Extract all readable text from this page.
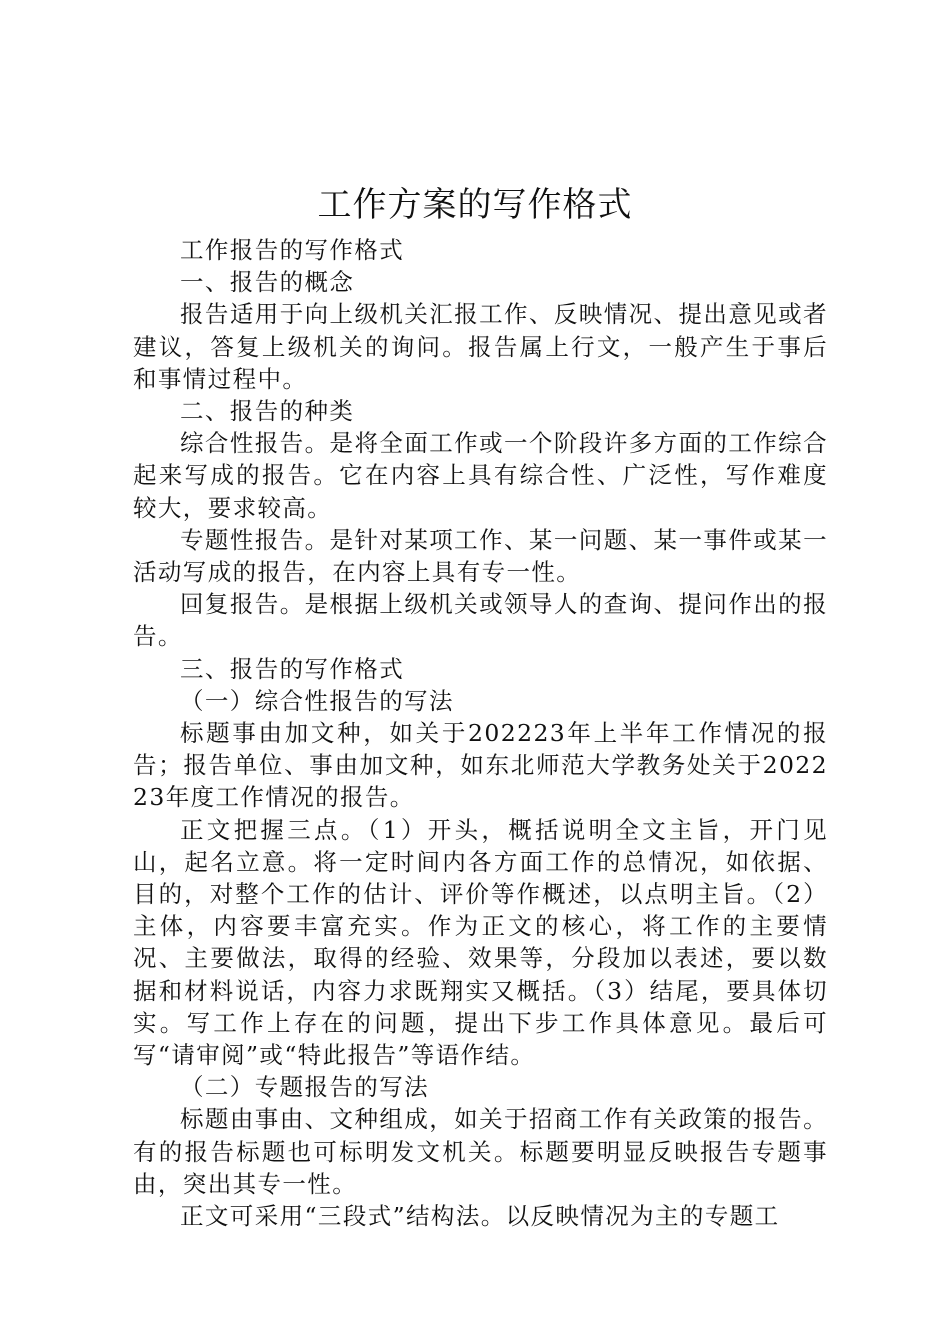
工作方案的写作格式

工作报告的写作格式

一、报告的概念

报告适用于向上级机关汇报工作、反映情况、提出意见或者建议，答复上级机关的询问。报告属上行文，一般产生于事后和事情过程中。

二、报告的种类

综合性报告。是将全面工作或一个阶段许多方面的工作综合起来写成的报告。它在内容上具有综合性、广泛性，写作难度较大，要求较高。

专题性报告。是针对某项工作、某一问题、某一事件或某一活动写成的报告，在内容上具有专一性。

回复报告。是根据上级机关或领导人的查询、提问作出的报告。

三、报告的写作格式

（一）综合性报告的写法

标题事由加文种，如关于202223年上半年工作情况的报告；报告单位、事由加文种，如东北师范大学教务处关于202223年度工作情况的报告。

正文把握三点。（1）开头，概括说明全文主旨，开门见山，起名立意。将一定时间内各方面工作的总情况，如依据、目的，对整个工作的估计、评价等作概述，以点明主旨。（2）主体，内容要丰富充实。作为正文的核心，将工作的主要情况、主要做法，取得的经验、效果等，分段加以表述，要以数据和材料说话，内容力求既翔实又概括。（3）结尾，要具体切实。写工作上存在的问题，提出下步工作具体意见。最后可写“请审阅”或“特此报告”等语作结。

（二）专题报告的写法

标题由事由、文种组成，如关于招商工作有关政策的报告。有的报告标题也可标明发文机关。标题要明显反映报告专题事由，突出其专一性。

正文可采用“三段式”结构法。以反映情况为主的专题工
